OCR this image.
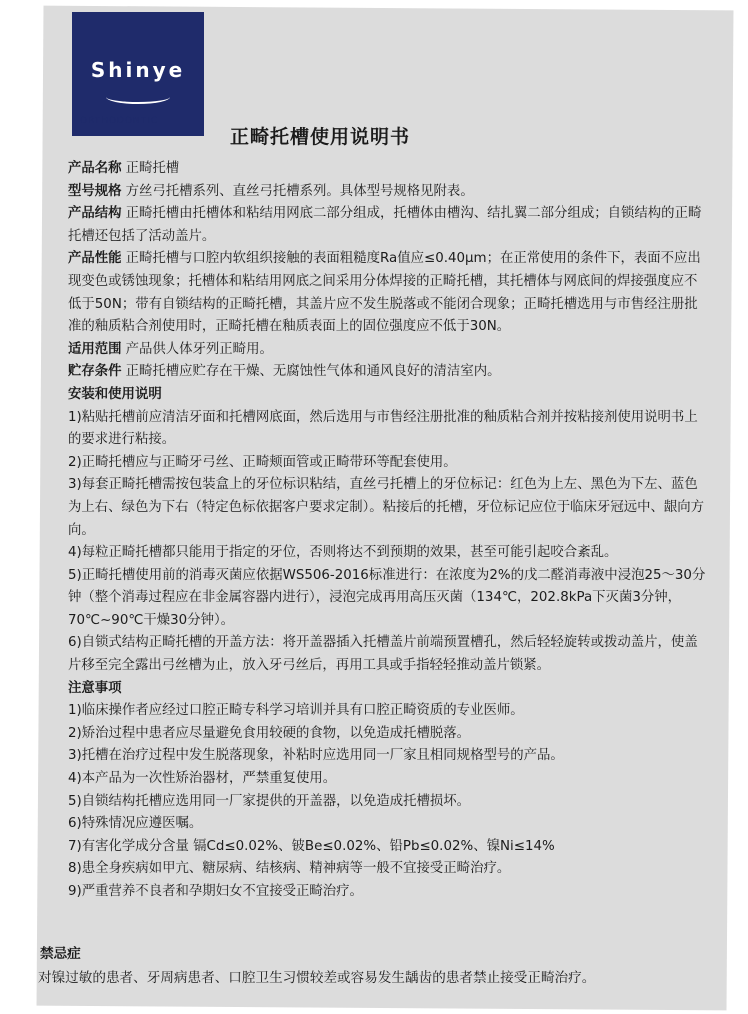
Shinye
ORTHODONTIC
正畸托槽使用说明书

产品名称 正畸托槽

型号规格 方丝弓托槽系列、直丝弓托槽系列。具体型号规格见附表。

产品结构 正畸托槽由托槽体和粘结用网底二部分组成，托槽体由槽沟、结扎翼二部分组成；自锁结构的正畸托槽还包括了活动盖片。

产品性能 正畸托槽与口腔内软组织接触的表面粗糙度Ra值应≤0.40μm；在正常使用的条件下，表面不应出现变色或锈蚀现象；托槽体和粘结用网底之间采用分体焊接的正畸托槽，其托槽体与网底间的焊接强度应不低于50N；带有自锁结构的正畸托槽，其盖片应不发生脱落或不能闭合现象；正畸托槽选用与市售经注册批准的釉质粘合剂使用时，正畸托槽在釉质表面上的固位强度应不低于30N。

适用范围 产品供人体牙列正畸用。

贮存条件 正畸托槽应贮存在干燥、无腐蚀性气体和通风良好的清洁室内。

安装和使用说明

1)粘贴托槽前应清洁牙面和托槽网底面，然后选用与市售经注册批准的釉质粘合剂并按粘接剂使用说明书上的要求进行粘接。

2)正畸托槽应与正畸牙弓丝、正畸颊面管或正畸带环等配套使用。

3)每套正畸托槽需按包装盒上的牙位标识粘结，直丝弓托槽上的牙位标记：红色为上左、黑色为下左、蓝色为上右、绿色为下右（特定色标依据客户要求定制）。粘接后的托槽，牙位标记应位于临床牙冠远中、龈向方向。

4)每粒正畸托槽都只能用于指定的牙位，否则将达不到预期的效果，甚至可能引起咬合紊乱。

5)正畸托槽使用前的消毒灭菌应依据WS506-2016标准进行：在浓度为2%的戊二醛消毒液中浸泡25～30分钟（整个消毒过程应在非金属容器内进行），浸泡完成再用高压灭菌（134℃，202.8kPa下灭菌3分钟，70℃~90℃干燥30分钟）。

6)自锁式结构正畸托槽的开盖方法：将开盖器插入托槽盖片前端预置槽孔，然后轻轻旋转或拨动盖片，使盖片移至完全露出弓丝槽为止，放入牙弓丝后，再用工具或手指轻轻推动盖片锁紧。

注意事项

1)临床操作者应经过口腔正畸专科学习培训并具有口腔正畸资质的专业医师。

2)矫治过程中患者应尽量避免食用较硬的食物，以免造成托槽脱落。

3)托槽在治疗过程中发生脱落现象，补粘时应选用同一厂家且相同规格型号的产品。

4)本产品为一次性矫治器材，严禁重复使用。

5)自锁结构托槽应选用同一厂家提供的开盖器，以免造成托槽损坏。

6)特殊情况应遵医嘱。

7)有害化学成分含量 镉Cd≤0.02%、铍Be≤0.02%、铅Pb≤0.02%、镍Ni≤14%

8)患全身疾病如甲亢、糖尿病、结核病、精神病等一般不宜接受正畸治疗。

9)严重营养不良者和孕期妇女不宜接受正畸治疗。

禁忌症
对镍过敏的患者、牙周病患者、口腔卫生习惯较差或容易发生龋齿的患者禁止接受正畸治疗。
